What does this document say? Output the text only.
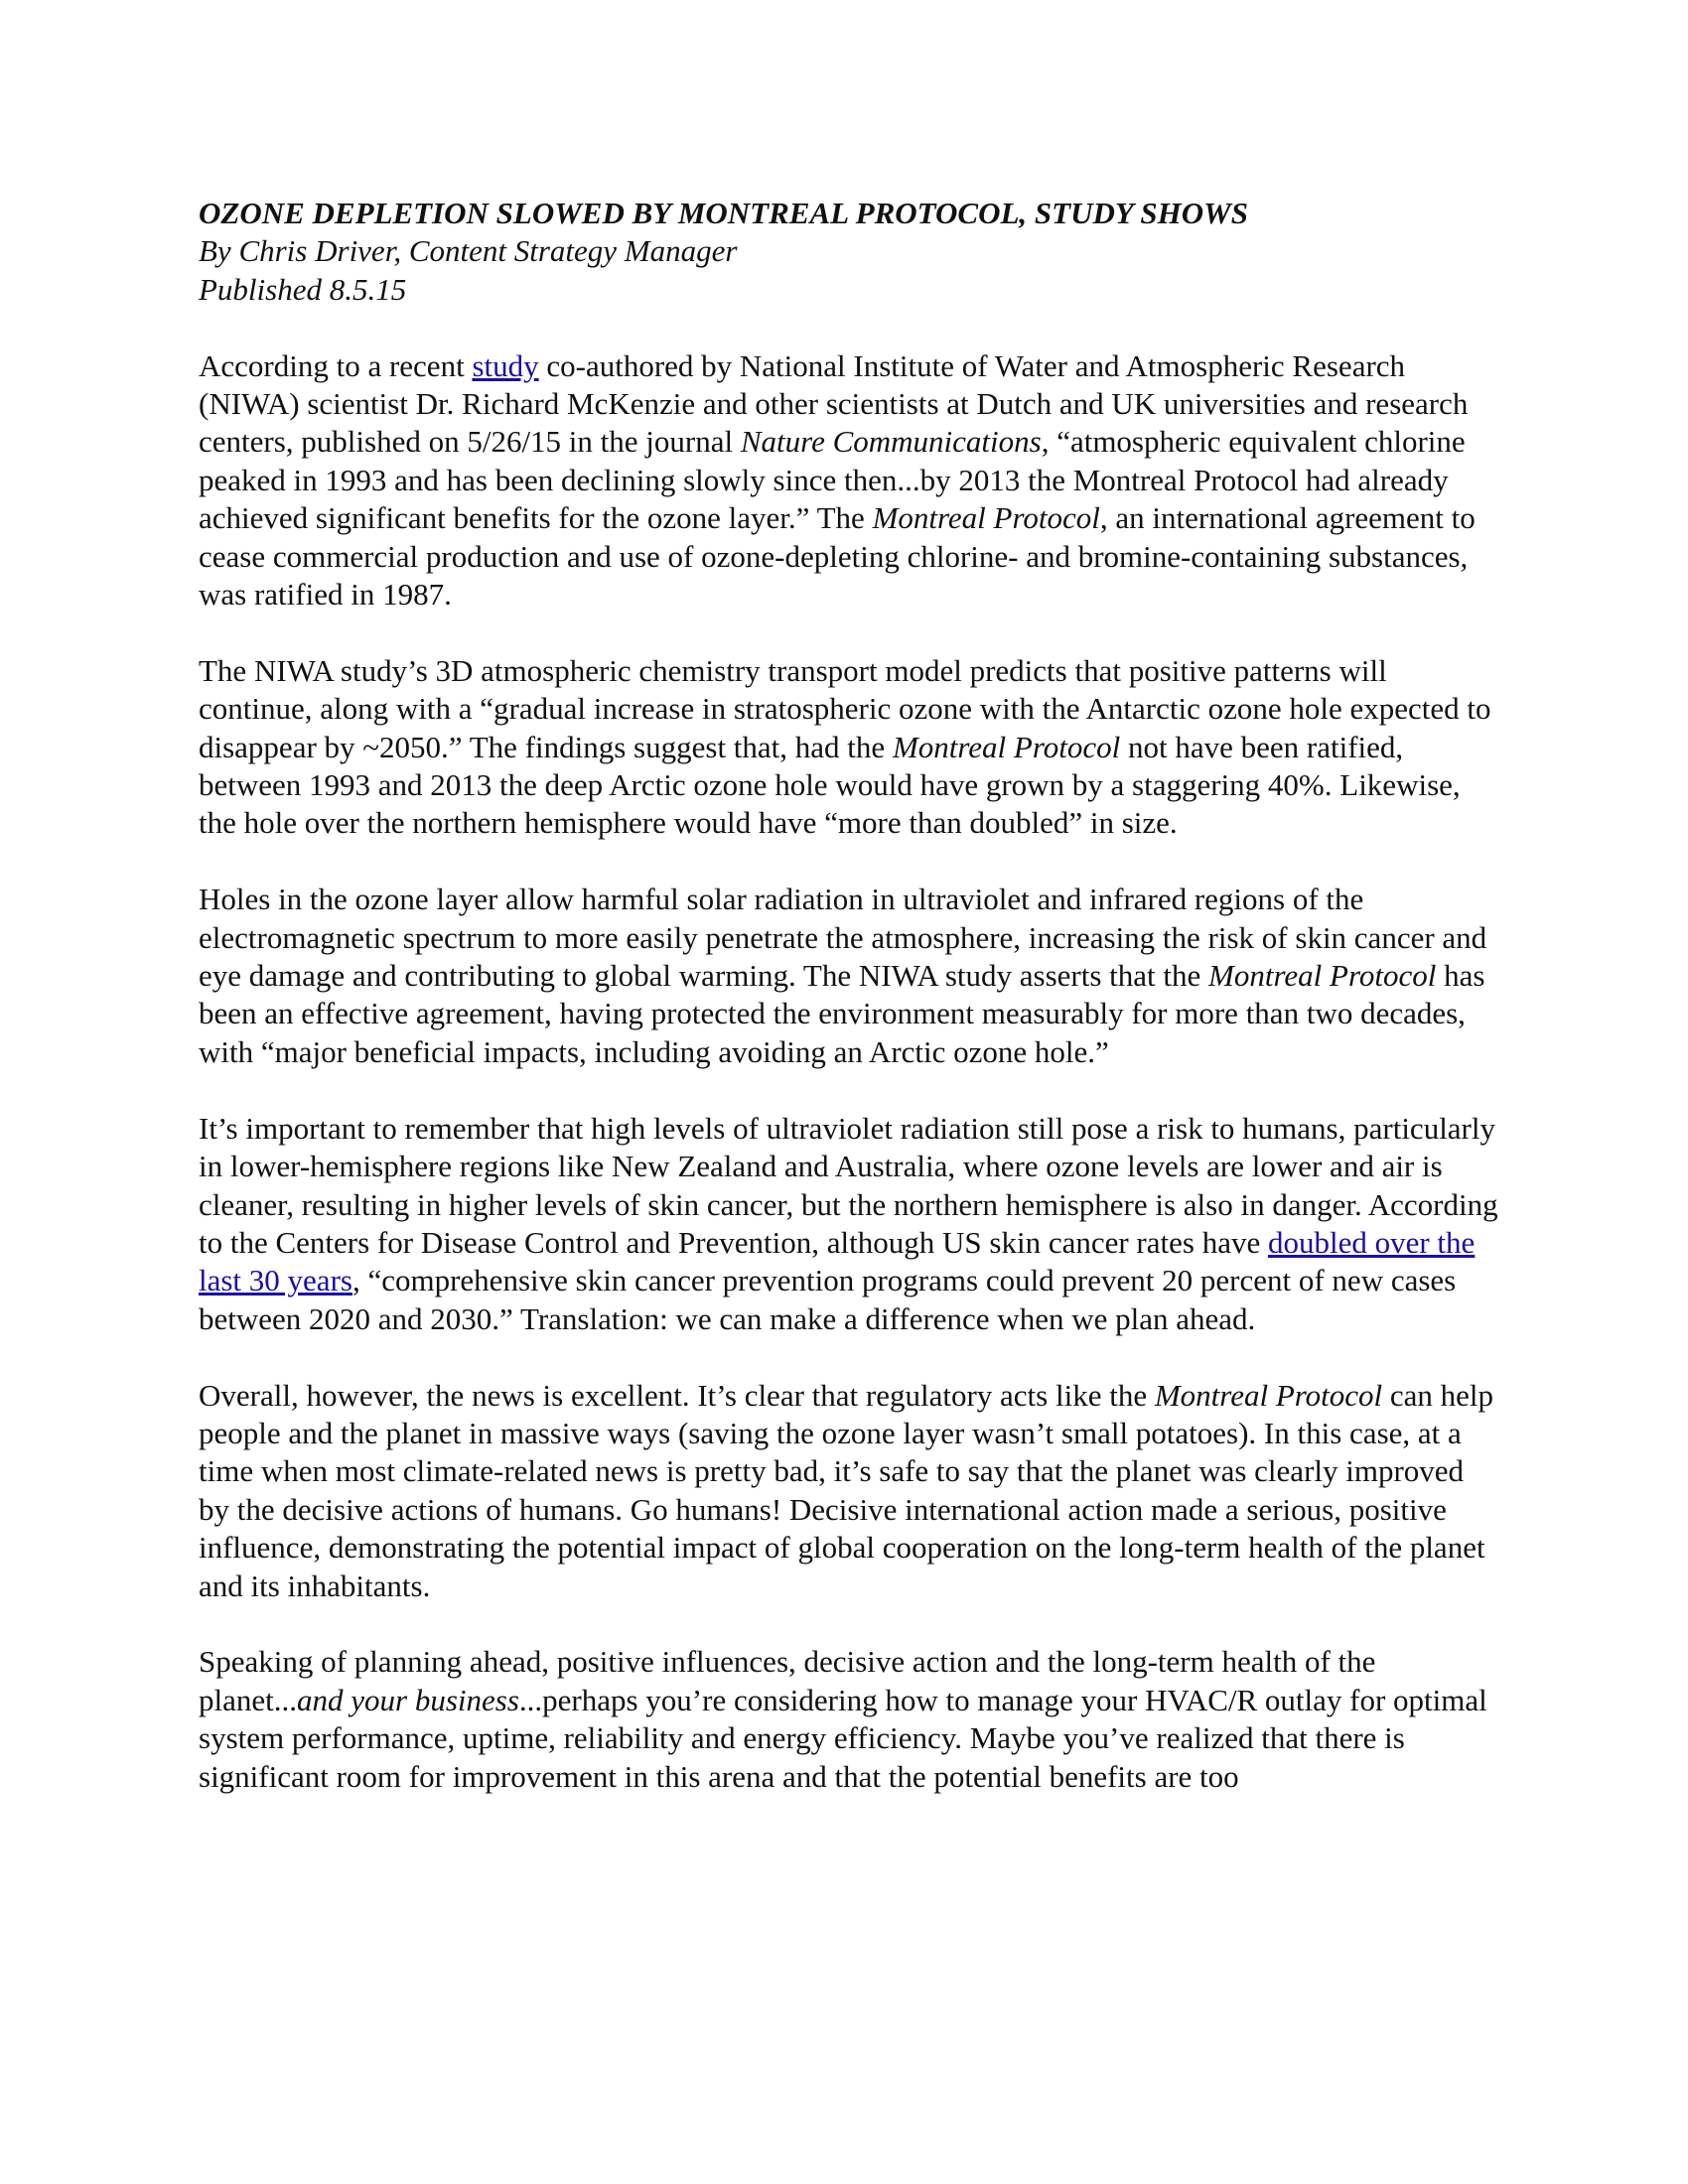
OZONE DEPLETION SLOWED BY MONTREAL PROTOCOL, STUDY SHOWS

By Chris Driver, Content Strategy Manager

Published 8.5.15

According to a recent study co-authored by National Institute of Water and Atmospheric Research (NIWA) scientist Dr. Richard McKenzie and other scientists at Dutch and UK universities and research centers, published on 5/26/15 in the journal Nature Communications, “atmospheric equivalent chlorine peaked in 1993 and has been declining slowly since then...by 2013 the Montreal Protocol had already achieved significant benefits for the ozone layer.” The Montreal Protocol, an international agreement to cease commercial production and use of ozone-depleting chlorine- and bromine-containing substances, was ratified in 1987.

The NIWA study’s 3D atmospheric chemistry transport model predicts that positive patterns will continue, along with a “gradual increase in stratospheric ozone with the Antarctic ozone hole expected to disappear by ~2050.” The findings suggest that, had the Montreal Protocol not have been ratified, between 1993 and 2013 the deep Arctic ozone hole would have grown by a staggering 40%. Likewise, the hole over the northern hemisphere would have “more than doubled” in size.

Holes in the ozone layer allow harmful solar radiation in ultraviolet and infrared regions of the electromagnetic spectrum to more easily penetrate the atmosphere, increasing the risk of skin cancer and eye damage and contributing to global warming. The NIWA study asserts that the Montreal Protocol has been an effective agreement, having protected the environment measurably for more than two decades, with “major beneficial impacts, including avoiding an Arctic ozone hole.”

It’s important to remember that high levels of ultraviolet radiation still pose a risk to humans, particularly in lower-hemisphere regions like New Zealand and Australia, where ozone levels are lower and air is cleaner, resulting in higher levels of skin cancer, but the northern hemisphere is also in danger. According to the Centers for Disease Control and Prevention, although US skin cancer rates have doubled over the last 30 years, “comprehensive skin cancer prevention programs could prevent 20 percent of new cases between 2020 and 2030.” Translation: we can make a difference when we plan ahead.

Overall, however, the news is excellent. It’s clear that regulatory acts like the Montreal Protocol can help people and the planet in massive ways (saving the ozone layer wasn’t small potatoes). In this case, at a time when most climate-related news is pretty bad, it’s safe to say that the planet was clearly improved by the decisive actions of humans. Go humans! Decisive international action made a serious, positive influence, demonstrating the potential impact of global cooperation on the long-term health of the planet and its inhabitants.

Speaking of planning ahead, positive influences, decisive action and the long-term health of the planet...and your business...perhaps you’re considering how to manage your HVAC/R outlay for optimal system performance, uptime, reliability and energy efficiency. Maybe you’ve realized that there is significant room for improvement in this arena and that the potential benefits are too
